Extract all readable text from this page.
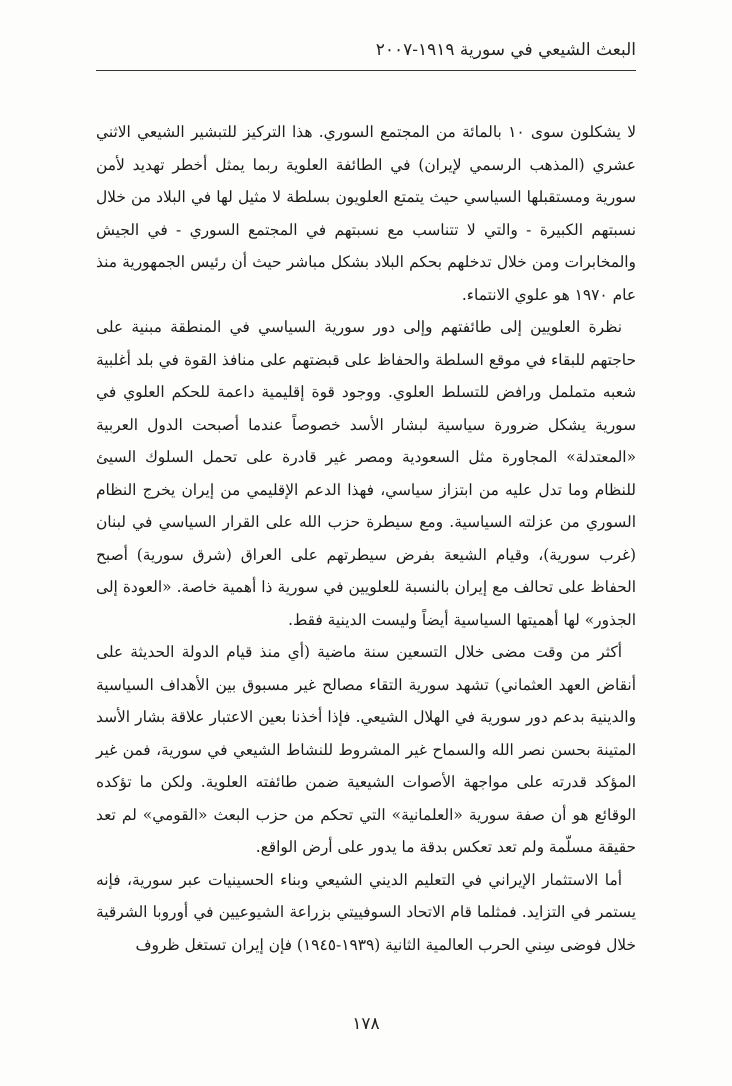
البعث الشيعي في سورية ١٩١٩-٢٠٠٧

لا يشكلون سوى ١٠ بالمائة من المجتمع السوري. هذا التركيز للتبشير الشيعي الاثني عشري (المذهب الرسمي لإيران) في الطائفة العلوية ربما يمثل أخطر تهديد لأمن سورية ومستقبلها السياسي حيث يتمتع العلويون بسلطة لا مثيل لها في البلاد من خلال نسبتهم الكبيرة - والتي لا تتناسب مع نسبتهم في المجتمع السوري - في الجيش والمخابرات ومن خلال تدخلهم بحكم البلاد بشكل مباشر حيث أن رئيس الجمهورية منذ عام ١٩٧٠ هو علوي الانتماء.

نظرة العلويين إلى طائفتهم وإلى دور سورية السياسي في المنطقة مبنية على حاجتهم للبقاء في موقع السلطة والحفاظ على قبضتهم على منافذ القوة في بلد أغلبية شعبه متململ ورافض للتسلط العلوي. ووجود قوة إقليمية داعمة للحكم العلوي في سورية يشكل ضرورة سياسية لبشار الأسد خصوصاً عندما أصبحت الدول العربية «المعتدلة» المجاورة مثل السعودية ومصر غير قادرة على تحمل السلوك السيئ للنظام وما تدل عليه من ابتزاز سياسي، فهذا الدعم الإقليمي من إيران يخرج النظام السوري من عزلته السياسية. ومع سيطرة حزب الله على القرار السياسي في لبنان (غرب سورية)، وقيام الشيعة بفرض سيطرتهم على العراق (شرق سورية) أصبح الحفاظ على تحالف مع إيران بالنسبة للعلويين في سورية ذا أهمية خاصة. «العودة إلى الجذور» لها أهميتها السياسية أيضاً وليست الدينية فقط.

أكثر من وقت مضى خلال التسعين سنة ماضية (أي منذ قيام الدولة الحديثة على أنقاض العهد العثماني) تشهد سورية التقاء مصالح غير مسبوق بين الأهداف السياسية والدينية بدعم دور سورية في الهلال الشيعي. فإذا أخذنا بعين الاعتبار علاقة بشار الأسد المتينة بحسن نصر الله والسماح غير المشروط للنشاط الشيعي في سورية، فمن غير المؤكد قدرته على مواجهة الأصوات الشيعية ضمن طائفته العلوية. ولكن ما تؤكده الوقائع هو أن صفة سورية «العلمانية» التي تحكم من حزب البعث «القومي» لم تعد حقيقة مسلّمة ولم تعد تعكس بدقة ما يدور على أرض الواقع.

أما الاستثمار الإيراني في التعليم الديني الشيعي وبناء الحسينيات عبر سورية، فإنه يستمر في التزايد. فمثلما قام الاتحاد السوفييتي بزراعة الشيوعيين في أوروبا الشرقية خلال فوضى سِني الحرب العالمية الثانية (١٩٣٩-١٩٤٥) فإن إيران تستغل ظروف

١٧٨
